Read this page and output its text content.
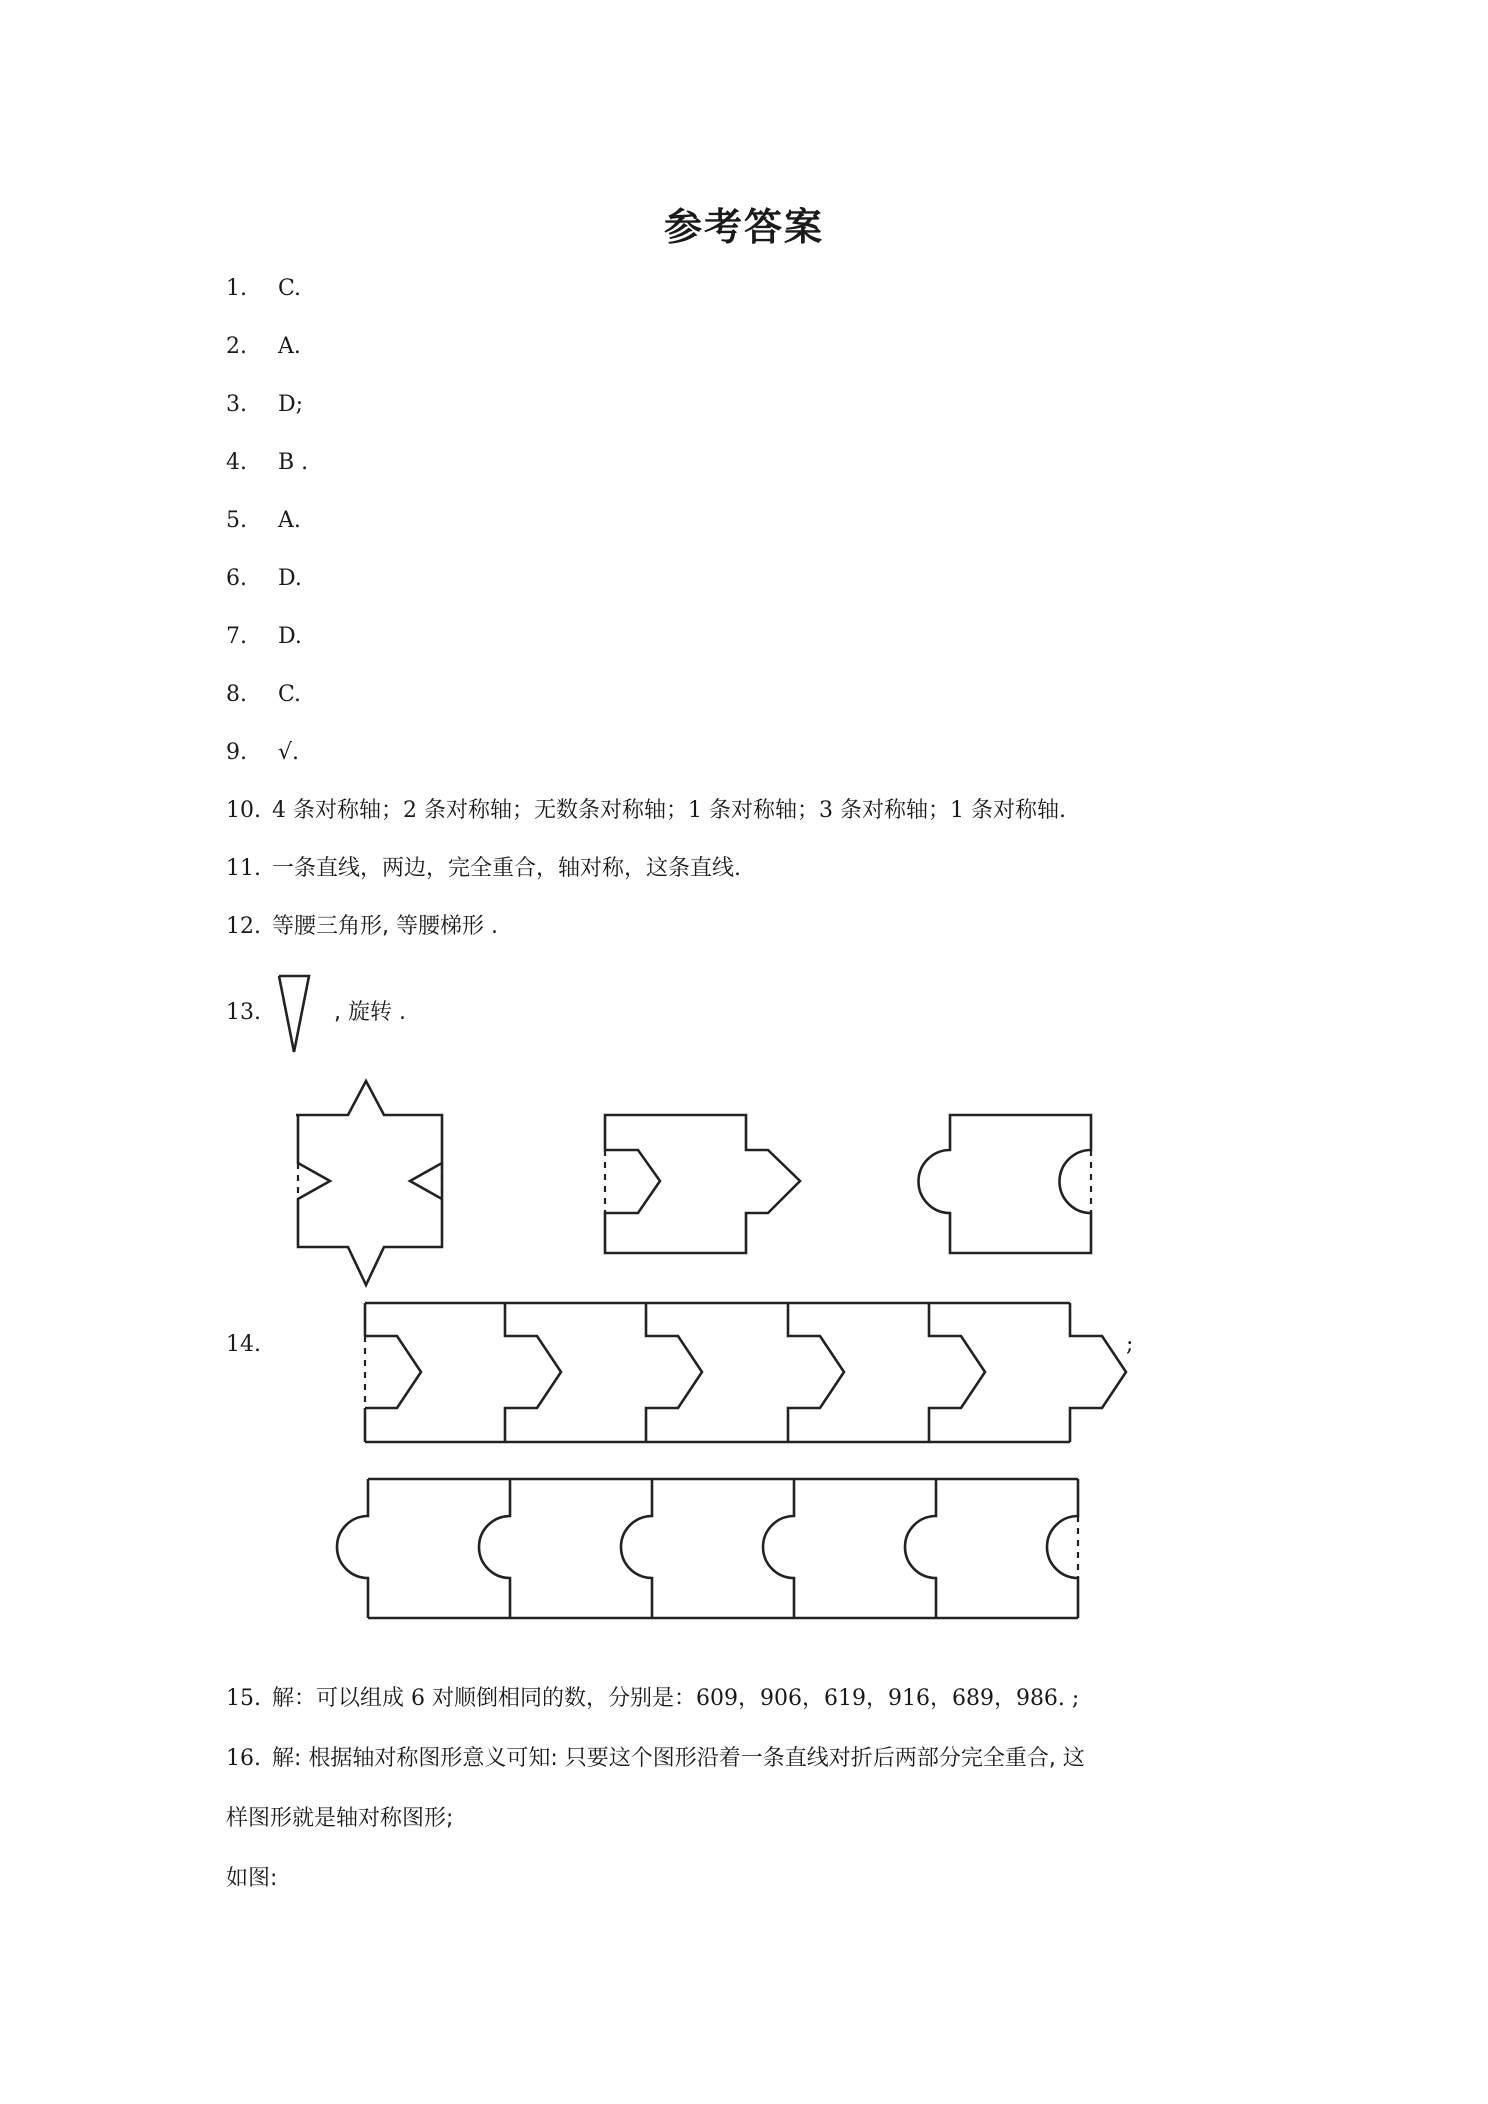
参考答案
1. C.
2. A.
3. D;
4. B .
5. A.
6. D.
7. D.
8. C.
9. √.
10. 4 条对称轴；2 条对称轴；无数条对称轴；1 条对称轴；3 条对称轴；1 条对称轴.
11. 一条直线，两边，完全重合，轴对称，这条直线.
12. 等腰三角形, 等腰梯形 .
13.	, 旋转 .
14.	;
15. 解：可以组成 6 对顺倒相同的数，分别是：609，906，619，916，689，986. ;
16. 解: 根据轴对称图形意义可知: 只要这个图形沿着一条直线对折后两部分完全重合, 这
样图形就是轴对称图形;
如图:
